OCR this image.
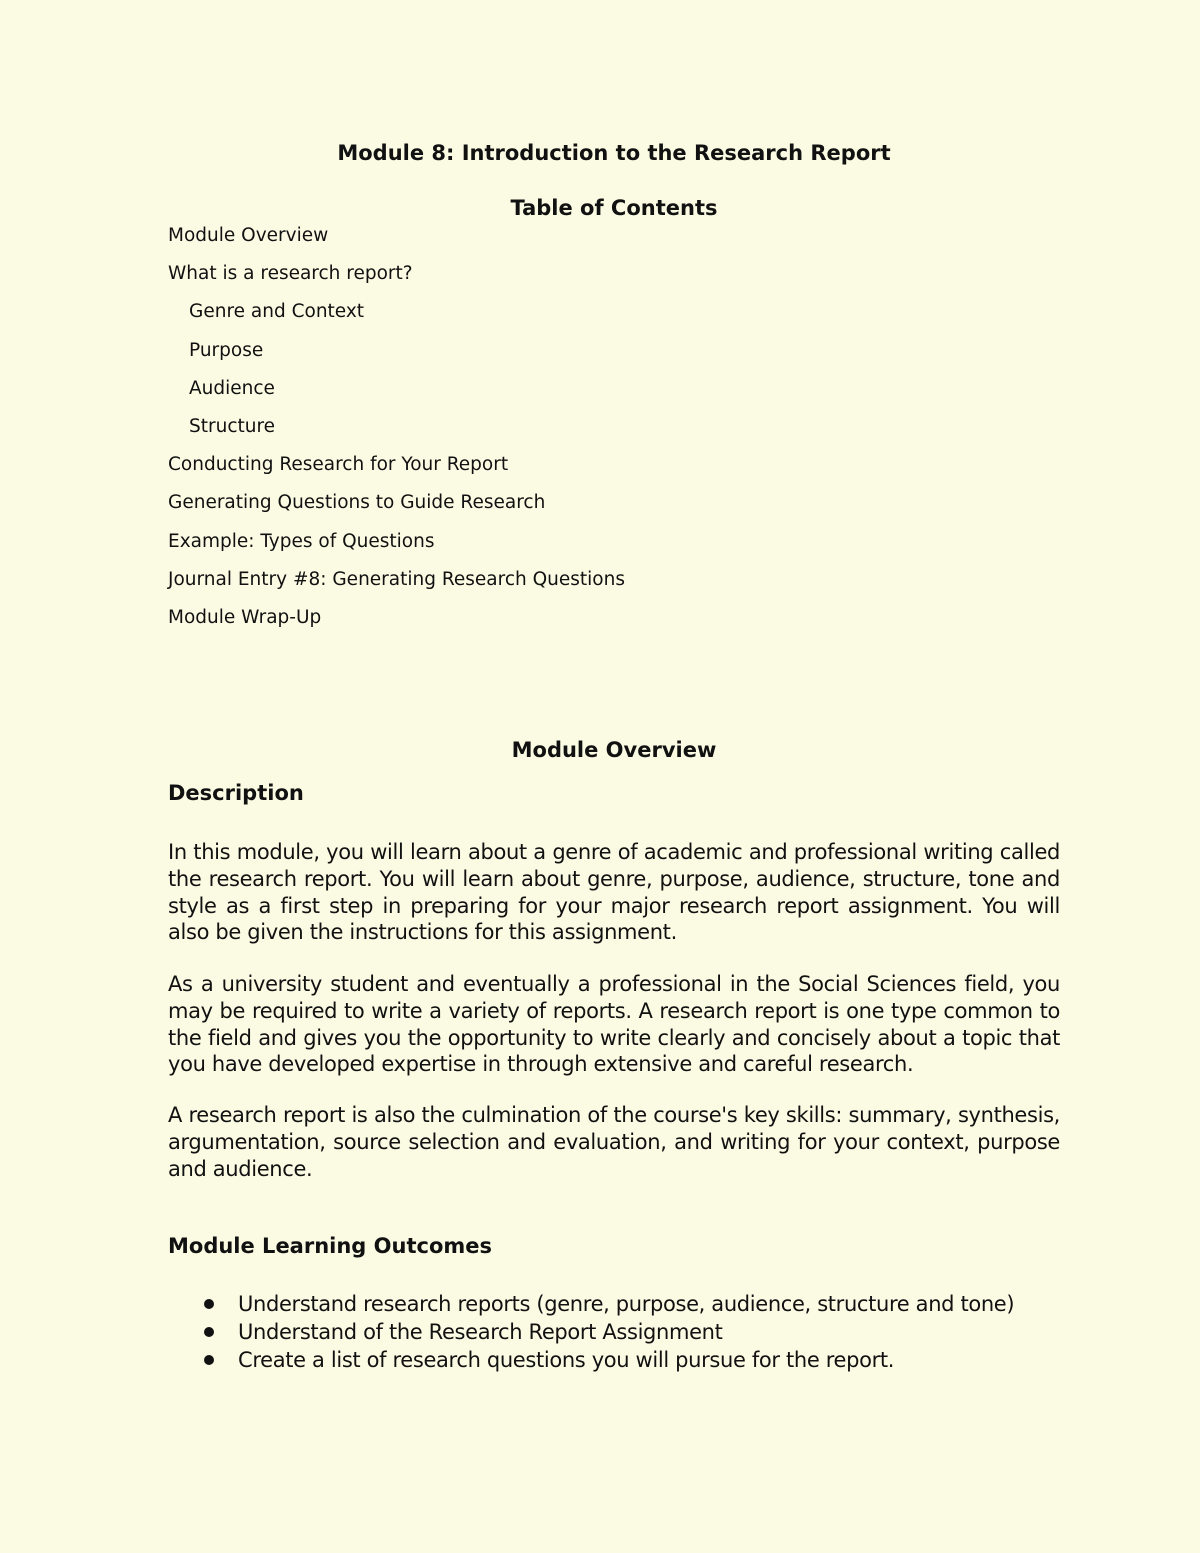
Module 8: Introduction to the Research Report
Table of Contents
Module Overview
What is a research report?
Genre and Context
Purpose
Audience
Structure
Conducting Research for Your Report
Generating Questions to Guide Research
Example: Types of Questions
Journal Entry #8: Generating Research Questions
Module Wrap-Up
Module Overview
Description

In this module, you will learn about a genre of academic and professional writing called the research report. You will learn about genre, purpose, audience, structure, tone and style as a first step in preparing for your major research report assignment. You will also be given the instructions for this assignment.

As a university student and eventually a professional in the Social Sciences field, you may be required to write a variety of reports. A research report is one type common to the field and gives you the opportunity to write clearly and concisely about a topic that you have developed expertise in through extensive and careful research.

A research report is also the culmination of the course's key skills: summary, synthesis, argumentation, source selection and evaluation, and writing for your context, purpose and audience.

Module Learning Outcomes
Understand research reports (genre, purpose, audience, structure and tone)
Understand of the Research Report Assignment
Create a list of research questions you will pursue for the report.
